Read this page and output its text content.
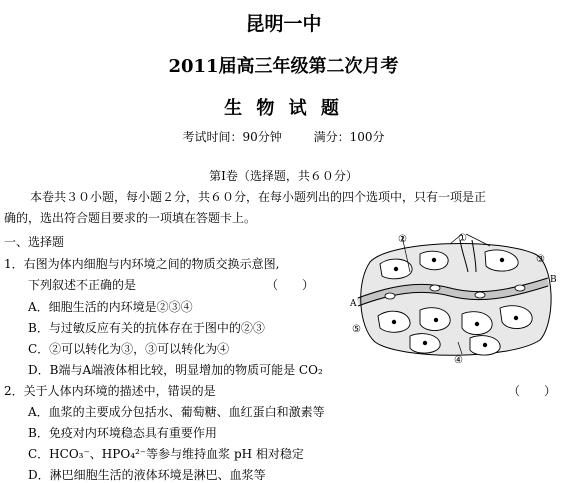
昆明一中
2011届高三年级第二次月考
生 物 试 题
考试时间：90分钟	满分：100分
第Ⅰ卷（选择题，共６０分）
本卷共３０小题，每小题２分，共６０分，在每小题列出的四个选项中，只有一项是正
确的，选出符合题目要求的一项填在答题卡上。
一、选择题
1．右图为体内细胞与内环境之间的物质交换示意图,
下列叙述不正确的是	（　　）
A．细胞生活的内环境是②③④
B．与过敏反应有关的抗体存在于图中的②③
C．②可以转化为③，③可以转化为④
D．B端与A端液体相比较，明显增加的物质可能是 CO₂
2．关于人体内环境的描述中，错误的是	（　　）
A．血浆的主要成分包括水、葡萄糖、血红蛋白和激素等
B．免疫对内环境稳态具有重要作用
C．HCO₃⁻、HPO₄²⁻等参与维持血浆 pH 相对稳定
D．淋巴细胞生活的液体环境是淋巴、血浆等
A
B
①
②
③
④
⑤
